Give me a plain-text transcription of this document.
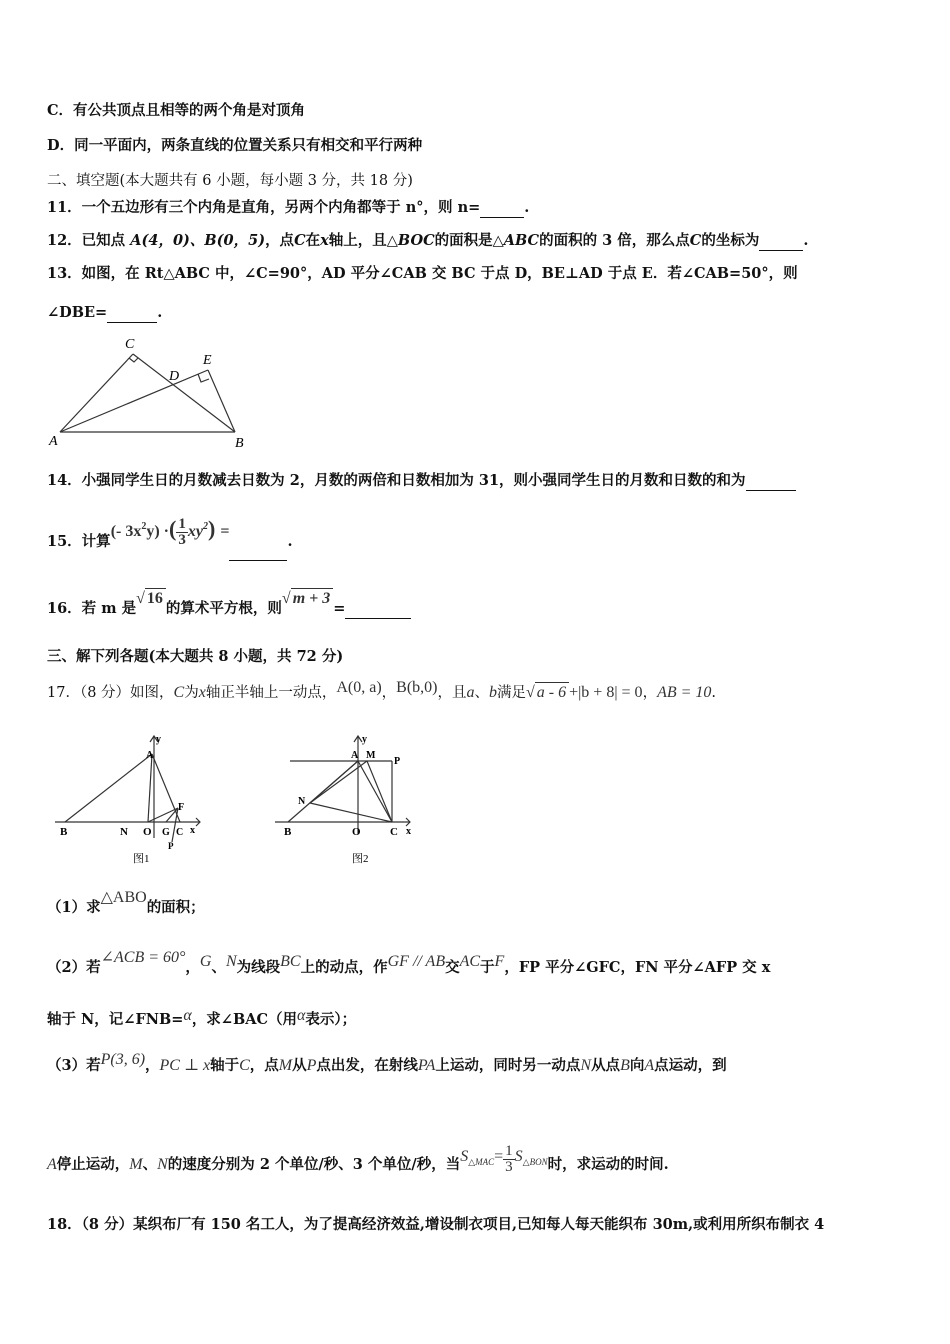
C．有公共顶点且相等的两个角是对顶角
D．同一平面内，两条直线的位置关系只有相交和平行两种
二、填空题(本大题共有 6 小题，每小题 3 分，共 18 分)
11．一个五边形有三个内角是直角，另两个内角都等于 n°，则 n=	.
12．已知点 A(4，0)、B(0，5)，点C在x轴上，且△BOC的面积是△ABC的面积的 3 倍，那么点C的坐标为	.
13．如图，在 Rt△ABC 中，∠C=90°，AD 平分∠CAB 交 BC 于点 D，BE⊥AD 于点 E．若∠CAB=50°，则
∠DBE=	.
A	B
C
D
E
14．小强同学生日的月数减去日数为 2，月数的两倍和日数相加为 31，则小强同学生日的月数和日数的和为
15．计算(- $3x^2y$) ·( $\frac{1}{3} xy^2$) = .
16．若 m 是√ 16的算术平方根，则√ m + 3=
三、解下列各题(本大题共 8 小题，共 72 分)
17．（8 分）如图，C为x轴正半轴上一动点，A(0, a)，B(b,0)，且a、b满足√ a - 6 +|b + 8| = 0，AB = 10.
B	N O G C x
y
A
F
P
图1
A M
P
y
N
B	O	C x
图2
（1）求△ABO的面积；
（2）若∠ACB = 60°，G、N为线段BC上的动点，作GF // AB交AC于F，FP 平分∠GFC，FN 平分∠AFP 交 x
轴于 N，记∠FNB=α，求∠BAC（用α表示）；
（3）若P(3, 6)，PC ⊥ x轴于C，点M从P点出发，在射线PA上运动，同时另一动点N从点B向A点运动，到
A停止运动，M、N的速度分别为 2 个单位/秒、3 个单位/秒，当$S_{\triangle MAC}= \frac{1}{3} S_{\triangle BON}$时，求运动的时间.
18．（8 分）某织布厂有 150 名工人，为了提高经济效益,增设制衣项目,已知每人每天能织布 30m,或利用所织布制衣 4
